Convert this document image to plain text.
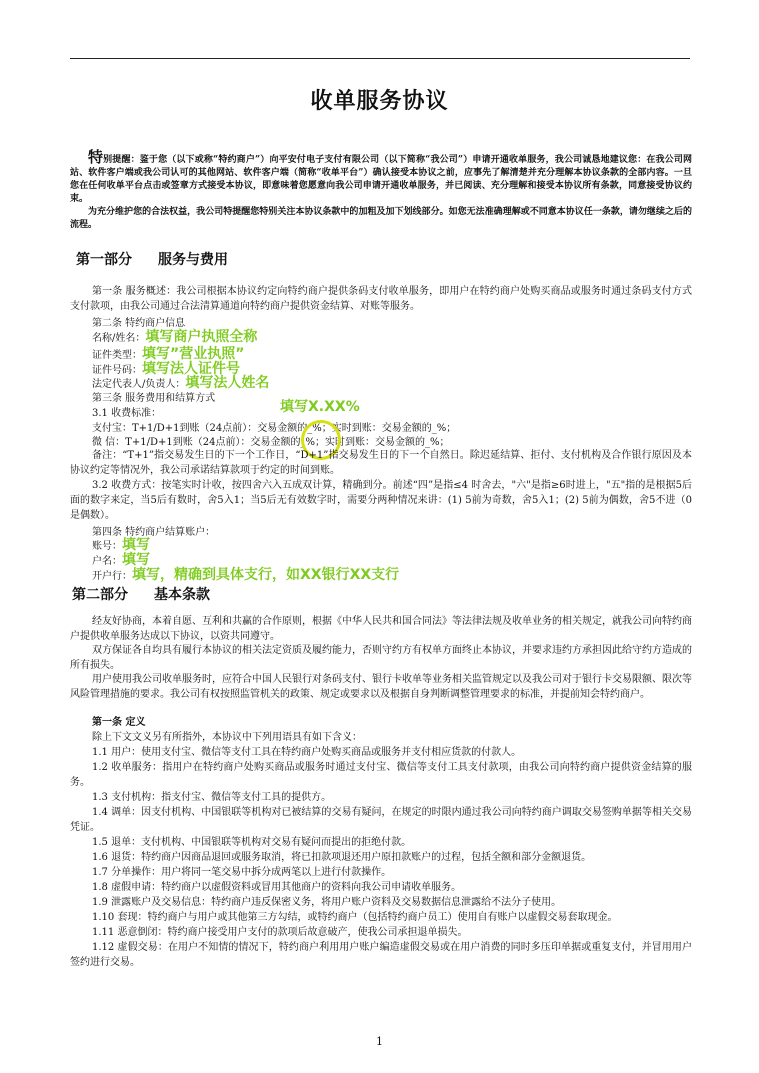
收单服务协议
特别提醒：鉴于您（以下或称“特约商户”）向平安付电子支付有限公司（以下简称“我公司”）申请开通收单服务，我公司诚恳地建议您：在我公司网站、软件客户端或我公司认可的其他网站、软件客户端（简称“收单平台”）确认接受本协议之前，应事先了解清楚并充分理解本协议条款的全部内容。一旦您在任何收单平台点击或签章方式接受本协议，即意味着您愿意向我公司申请开通收单服务，并已阅读、充分理解和接受本协议所有条款，同意接受协议约束。
为充分维护您的合法权益，我公司特提醒您特别关注本协议条款中的加粗及加下划线部分。如您无法准确理解或不同意本协议任一条款，请勿继续之后的流程。
第一部分 服务与费用
第一条 服务概述：我公司根据本协议约定向特约商户提供条码支付收单服务，即用户在特约商户处购买商品或服务时通过条码支付方式支付款项，由我公司通过合法清算通道向特约商户提供资金结算、对账等服务。
第二条 特约商户信息
名称/姓名：填写商户执照全称
证件类型：填写”营业执照”
证件号码：填写法人证件号
法定代表人/负责人：填写法人姓名
第三条 服务费用和结算方式
填写X.XX%
3.1 收费标准：
支付宝：T+1/D+1到账（24点前）：交易金额的_%；实时到账：交易金额的_%；
微 信：T+1/D+1到账（24点前）：交易金额的_%；实时到账：交易金额的_%；
备注：“T+1”指交易发生日的下一个工作日，“D+1”指交易发生日的下一个自然日。除迟延结算、拒付、支付机构及合作银行原因及本协议约定等情况外，我公司承诺结算款项于约定的时间到账。
3.2 收费方式：按笔实时计收，按四舍六入五成双计算，精确到分。前述“四”是指≤4 时舍去，"六"是指≥6时进上，"五"指的是根据5后面的数字来定，当5后有数时，舍5入1；当5后无有效数字时，需要分两种情况来讲：(1) 5前为奇数，舍5入1；(2) 5前为偶数，舍5不进（0是偶数）。
第四条 特约商户结算账户：
账号：填写
户名：填写
开户行：填写，精确到具体支行，如XX银行XX支行
第二部分 基本条款
经友好协商，本着自愿、互利和共赢的合作原则，根据《中华人民共和国合同法》等法律法规及收单业务的相关规定，就我公司向特约商户提供收单服务达成以下协议，以资共同遵守。
双方保证各自均具有履行本协议的相关法定资质及履约能力，否则守约方有权单方面终止本协议，并要求违约方承担因此给守约方造成的所有损失。
用户使用我公司收单服务时，应符合中国人民银行对条码支付、银行卡收单等业务相关监管规定以及我公司对于银行卡交易限额、限次等风险管理措施的要求。我公司有权按照监管机关的政策、规定或要求以及根据自身判断调整管理要求的标准，并提前知会特约商户。
第一条 定义
除上下文文义另有所指外，本协议中下列用语具有如下含义：
1.1 用户：使用支付宝、微信等支付工具在特约商户处购买商品或服务并支付相应货款的付款人。
1.2 收单服务：指用户在特约商户处购买商品或服务时通过支付宝、微信等支付工具支付款项，由我公司向特约商户提供资金结算的服务。
1.3 支付机构：指支付宝、微信等支付工具的提供方。
1.4 调单：因支付机构、中国银联等机构对已被结算的交易有疑问，在规定的时限内通过我公司向特约商户调取交易签购单据等相关交易凭证。
1.5 退单：支付机构、中国银联等机构对交易有疑问而提出的拒绝付款。
1.6 退货：特约商户因商品退回或服务取消，将已扣款项退还用户原扣款账户的过程，包括全额和部分金额退货。
1.7 分单操作：用户将同一笔交易中拆分成两笔以上进行付款操作。
1.8 虚假申请：特约商户以虚假资料或冒用其他商户的资料向我公司申请收单服务。
1.9 泄露账户及交易信息：特约商户违反保密义务，将用户账户资料及交易数据信息泄露给不法分子使用。
1.10 套现：特约商户与用户或其他第三方勾结，或特约商户（包括特约商户员工）使用自有账户以虚假交易套取现金。
1.11 恶意倒闭：特约商户接受用户支付的款项后故意破产，使我公司承担退单损失。
1.12 虚假交易：在用户不知情的情况下，特约商户利用用户账户编造虚假交易或在用户消费的同时多压印单据或重复支付，并冒用用户签约进行交易。
1
